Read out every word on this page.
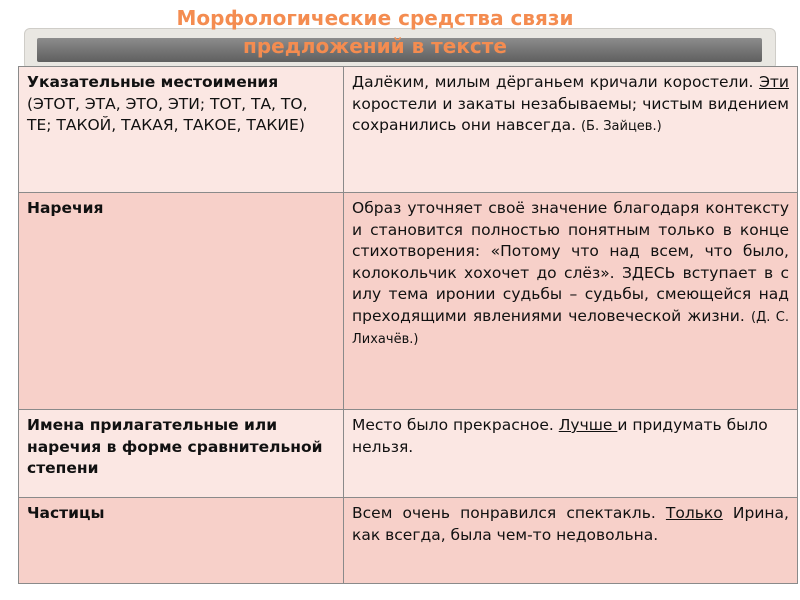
Морфологические средства связи
предложений в тексте
Указательные местоимения (ЭТОТ, ЭТА, ЭТО, ЭТИ; ТОТ, ТА, ТО, ТЕ; ТАКОЙ, ТАКАЯ, ТАКОЕ, ТАКИЕ)	Далёким, милым дёрганьем кричали коростели. Эти коростели и закаты незабываемы; чистым видением сохранились они навсегда. (Б. Зайцев.)
Наречия	Образ уточняет своё значение благодаря контексту и становится полностью понятным только в конце стихотворения: «Потому что над всем, что было, колокольчик хохочет до слёз». ЗДЕСЬ вступает в с илу тема иронии судьбы – судьбы, смеющейся над преходящими явлениями человеческой жизни. (Д. С. Лихачёв.)
Имена прилагательные или наречия в форме сравнительной степени	Место было прекрасное. Лучше и придумать было нельзя.
Частицы	Всем очень понравился спектакль. Только Ирина, как всегда, была чем-то недовольна.
